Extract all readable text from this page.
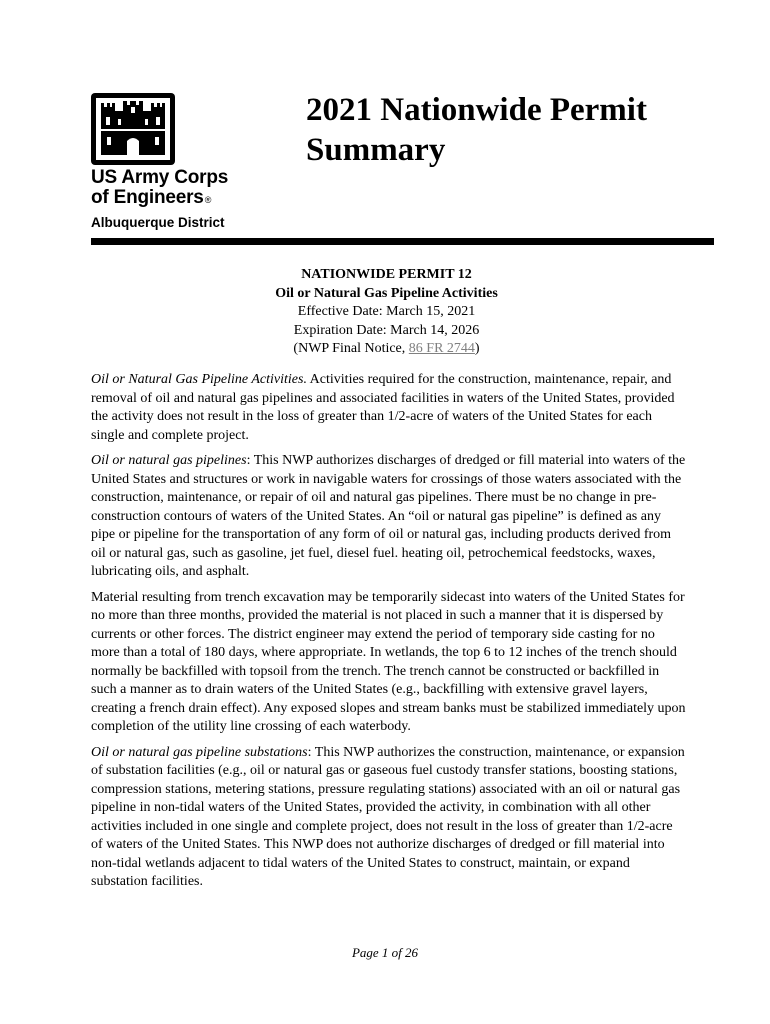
US Army Corps
of Engineers®
Albuquerque District
2021 Nationwide Permit
Summary
NATIONWIDE PERMIT 12
Oil or Natural Gas Pipeline Activities
Effective Date: March 15, 2021
Expiration Date: March 14, 2026
(NWP Final Notice, 86 FR 2744)

Oil or Natural Gas Pipeline Activities. Activities required for the construction, maintenance, repair, and removal of oil and natural gas pipelines and associated facilities in waters of the United States, provided the activity does not result in the loss of greater than 1/2-acre of waters of the United States for each single and complete project.

Oil or natural gas pipelines: This NWP authorizes discharges of dredged or fill material into waters of the United States and structures or work in navigable waters for crossings of those waters associated with the construction, maintenance, or repair of oil and natural gas pipelines. There must be no change in pre-construction contours of waters of the United States. An “oil or natural gas pipeline” is defined as any pipe or pipeline for the transportation of any form of oil or natural gas, including products derived from oil or natural gas, such as gasoline, jet fuel, diesel fuel. heating oil, petrochemical feedstocks, waxes, lubricating oils, and asphalt.

Material resulting from trench excavation may be temporarily sidecast into waters of the United States for no more than three months, provided the material is not placed in such a manner that it is dispersed by currents or other forces. The district engineer may extend the period of temporary side casting for no more than a total of 180 days, where appropriate. In wetlands, the top 6 to 12 inches of the trench should normally be backfilled with topsoil from the trench. The trench cannot be constructed or backfilled in such a manner as to drain waters of the United States (e.g., backfilling with extensive gravel layers, creating a french drain effect). Any exposed slopes and stream banks must be stabilized immediately upon completion of the utility line crossing of each waterbody.

Oil or natural gas pipeline substations: This NWP authorizes the construction, maintenance, or expansion of substation facilities (e.g., oil or natural gas or gaseous fuel custody transfer stations, boosting stations, compression stations, metering stations, pressure regulating stations) associated with an oil or natural gas pipeline in non-tidal waters of the United States, provided the activity, in combination with all other activities included in one single and complete project, does not result in the loss of greater than 1/2-acre of waters of the United States. This NWP does not authorize discharges of dredged or fill material into non-tidal wetlands adjacent to tidal waters of the United States to construct, maintain, or expand substation facilities.

Page 1 of 26
